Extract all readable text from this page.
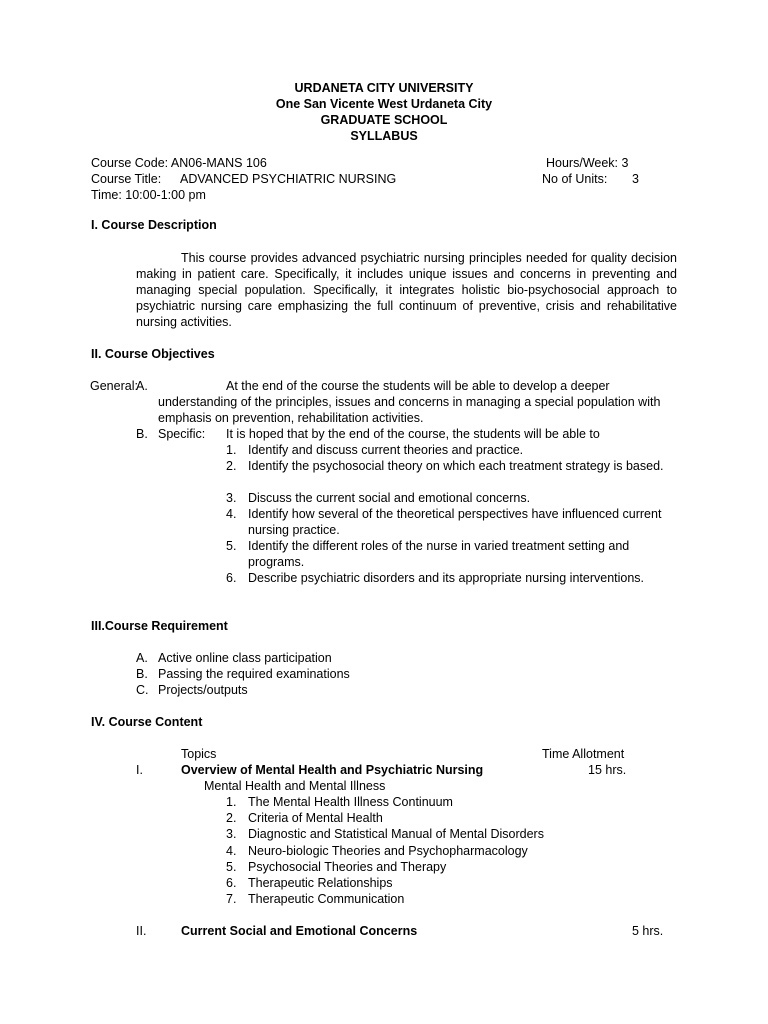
URDANETA CITY UNIVERSITY
One San Vicente West Urdaneta City
GRADUATE SCHOOL
SYLLABUS
Course Code: AN06-MANS 106	Hours/Week: 3
Course Title: ADVANCED PSYCHIATRIC NURSING	No of Units: 3
Time: 10:00-1:00 pm
I. Course Description
This course provides advanced psychiatric nursing principles needed for quality decision making in patient care. Specifically, it includes unique issues and concerns in preventing and managing special population. Specifically, it integrates holistic bio-psychosocial approach to psychiatric nursing care emphasizing the full continuum of preventive, crisis and rehabilitative nursing activities.
II. Course Objectives
A.
General:	At the end of the course the students will be able to develop a deeper understanding of the principles, issues and concerns in managing a special population with emphasis on prevention, rehabilitation activities.
B. Specific: It is hoped that by the end of the course, the students will be able to
1. Identify and discuss current theories and practice.
2. Identify the psychosocial theory on which each treatment strategy is based.
3. Discuss the current social and emotional concerns.
4. Identify how several of the theoretical perspectives have influenced current nursing practice.
5. Identify the different roles of the nurse in varied treatment setting and programs.
6. Describe psychiatric disorders and its appropriate nursing interventions.
III.Course Requirement
A. Active online class participation
B. Passing the required examinations
C. Projects/outputs
IV. Course Content
Topics	Time Allotment
I.	Overview of Mental Health and Psychiatric Nursing	15 hrs.
Mental Health and Mental Illness
1. The Mental Health Illness Continuum
2. Criteria of Mental Health
3. Diagnostic and Statistical Manual of Mental Disorders
4. Neuro-biologic Theories and Psychopharmacology
5. Psychosocial Theories and Therapy
6. Therapeutic Relationships
7. Therapeutic Communication
II.	Current Social and Emotional Concerns	5 hrs.
